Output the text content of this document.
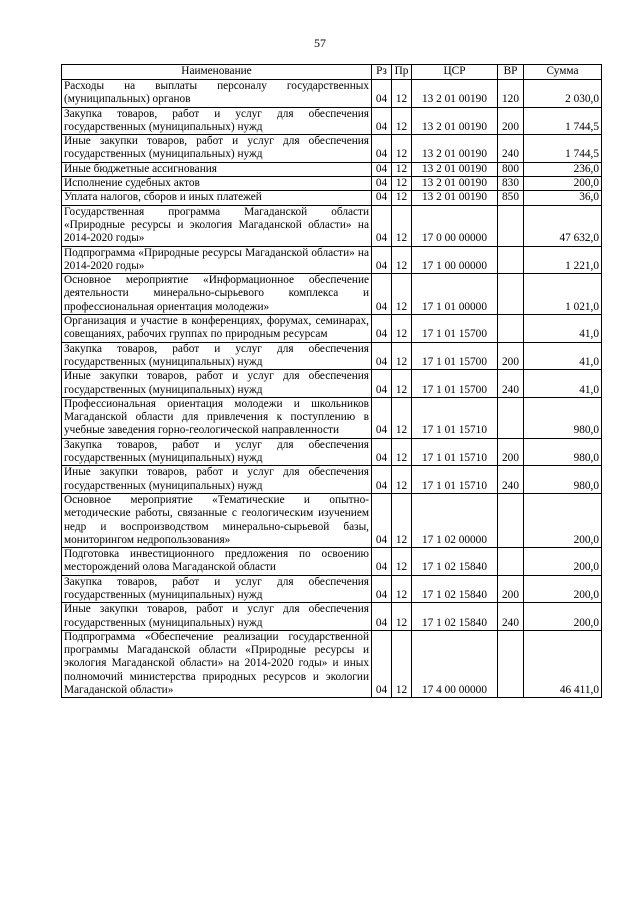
57
Наименование	Рз	Пр	ЦСР	ВР	Сумма
Расходы на выплаты персоналу государственных (муниципальных) органов	04	12	13 2 01 00190	120	2 030,0
Закупка товаров, работ и услуг для обеспечения государственных (муниципальных) нужд	04	12	13 2 01 00190	200	1 744,5
Иные закупки товаров, работ и услуг для обеспечения государственных (муниципальных) нужд	04	12	13 2 01 00190	240	1 744,5
Иные бюджетные ассигнования	04	12	13 2 01 00190	800	236,0
Исполнение судебных актов	04	12	13 2 01 00190	830	200,0
Уплата налогов, сборов и иных платежей	04	12	13 2 01 00190	850	36,0
Государственная программа Магаданской области «Природные ресурсы и экология Магаданской области» на 2014-2020 годы»	04	12	17 0 00 00000		47 632,0
Подпрограмма «Природные ресурсы Магаданской области» на 2014-2020 годы»	04	12	17 1 00 00000		1 221,0
Основное мероприятие «Информационное обеспечение деятельности минерально-сырьевого комплекса и профессиональная ориентация молодежи»	04	12	17 1 01 00000		1 021,0
Организация и участие в конференциях, форумах, семинарах, совещаниях, рабочих группах по природным ресурсам	04	12	17 1 01 15700		41,0
Закупка товаров, работ и услуг для обеспечения государственных (муниципальных) нужд	04	12	17 1 01 15700	200	41,0
Иные закупки товаров, работ и услуг для обеспечения государственных (муниципальных) нужд	04	12	17 1 01 15700	240	41,0
Профессиональная ориентация молодежи и школьников Магаданской области для привлечения к поступлению в учебные заведения горно-геологической направленности	04	12	17 1 01 15710		980,0
Закупка товаров, работ и услуг для обеспечения государственных (муниципальных) нужд	04	12	17 1 01 15710	200	980,0
Иные закупки товаров, работ и услуг для обеспечения государственных (муниципальных) нужд	04	12	17 1 01 15710	240	980,0
Основное мероприятие «Тематические и опытно-методические работы, связанные с геологическим изучением недр и воспроизводством минерально-сырьевой базы, мониторингом недропользования»	04	12	17 1 02 00000		200,0
Подготовка инвестиционного предложения по освоению месторождений олова Магаданской области	04	12	17 1 02 15840		200,0
Закупка товаров, работ и услуг для обеспечения государственных (муниципальных) нужд	04	12	17 1 02 15840	200	200,0
Иные закупки товаров, работ и услуг для обеспечения государственных (муниципальных) нужд	04	12	17 1 02 15840	240	200,0
Подпрограмма «Обеспечение реализации государственной программы Магаданской области «Природные ресурсы и экология Магаданской области» на 2014-2020 годы» и иных полномочий министерства природных ресурсов и экологии Магаданской области»	04	12	17 4 00 00000		46 411,0
